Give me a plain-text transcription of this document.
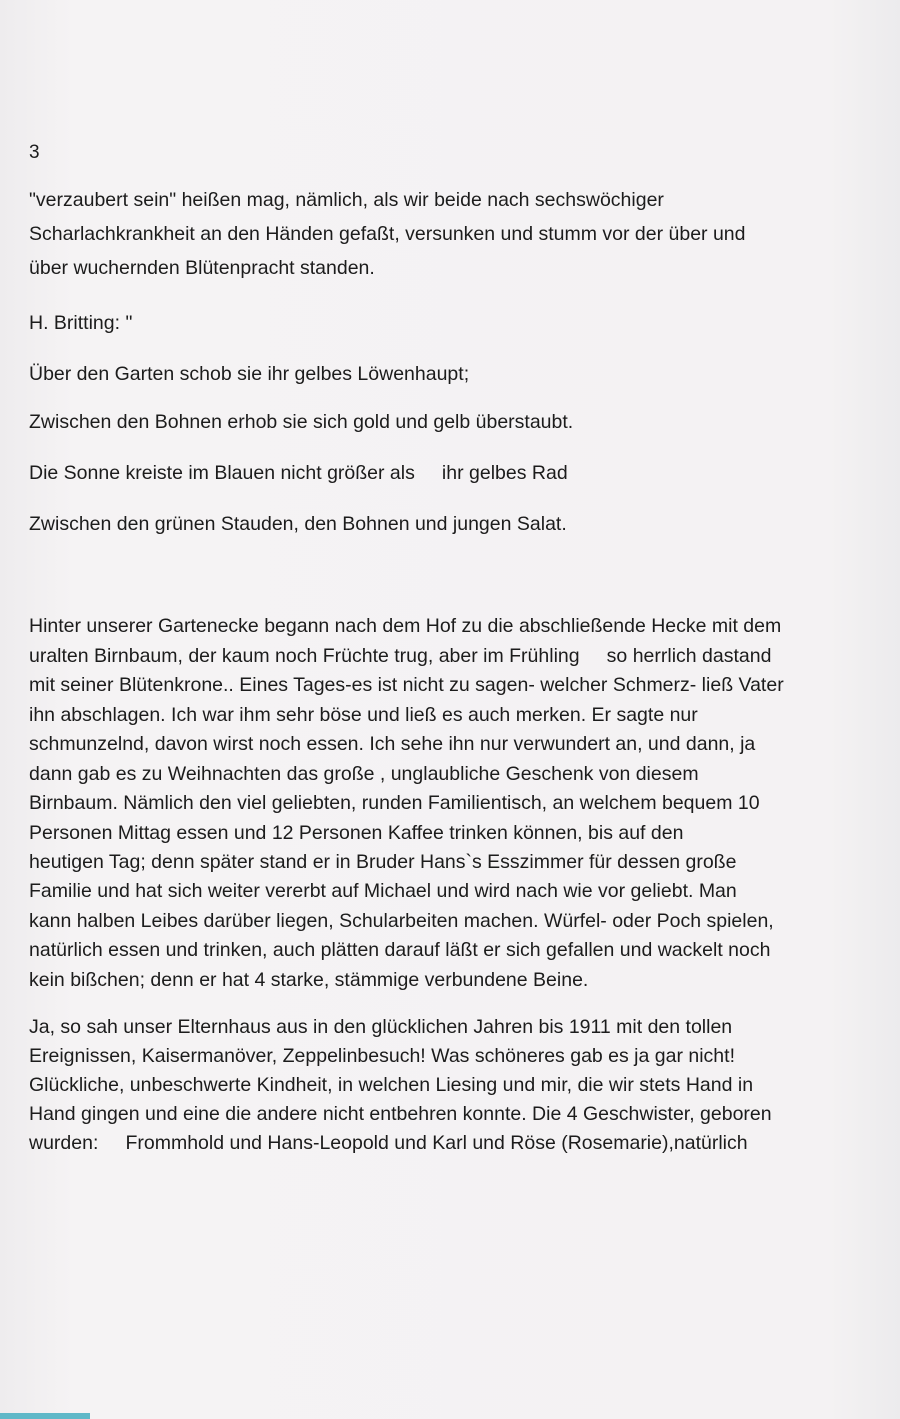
3
"verzaubert sein" heißen mag, nämlich, als wir beide nach sechswöchiger
Scharlachkrankheit an den Händen gefaßt, versunken und stumm vor der über und
über wuchernden Blütenpracht standen.
H. Britting: "
Über den Garten schob sie ihr gelbes Löwenhaupt;
Zwischen den Bohnen erhob sie sich gold und gelb überstaubt.
Die Sonne kreiste im Blauen nicht größer als     ihr gelbes Rad
Zwischen den grünen Stauden, den Bohnen und jungen Salat.
Hinter unserer Gartenecke begann nach dem Hof zu die abschließende Hecke mit dem
uralten Birnbaum, der kaum noch Früchte trug, aber im Frühling     so herrlich dastand
mit seiner Blütenkrone.. Eines Tages-es ist nicht zu sagen- welcher Schmerz- ließ Vater
ihn abschlagen. Ich war ihm sehr böse und ließ es auch merken. Er sagte nur
schmunzelnd, davon wirst noch essen. Ich sehe ihn nur verwundert an, und dann, ja
dann gab es zu Weihnachten das große , unglaubliche Geschenk von diesem
Birnbaum. Nämlich den viel geliebten, runden Familientisch, an welchem bequem 10
Personen Mittag essen und 12 Personen Kaffee trinken können, bis auf den
heutigen Tag; denn später stand er in Bruder Hans`s Esszimmer für dessen große
Familie und hat sich weiter vererbt auf Michael und wird nach wie vor geliebt. Man
kann halben Leibes darüber liegen, Schularbeiten machen. Würfel- oder Poch spielen,
natürlich essen und trinken, auch plätten darauf läßt er sich gefallen und wackelt noch
kein bißchen; denn er hat 4 starke, stämmige verbundene Beine.
Ja, so sah unser Elternhaus aus in den glücklichen Jahren bis 1911 mit den tollen
Ereignissen, Kaisermanöver, Zeppelinbesuch! Was schöneres gab es ja gar nicht!
Glückliche, unbeschwerte Kindheit, in welchen Liesing und mir, die wir stets Hand in
Hand gingen und eine die andere nicht entbehren konnte. Die 4 Geschwister, geboren
wurden:     Frommhold und Hans-Leopold und Karl und Röse (Rosemarie),natürlich
